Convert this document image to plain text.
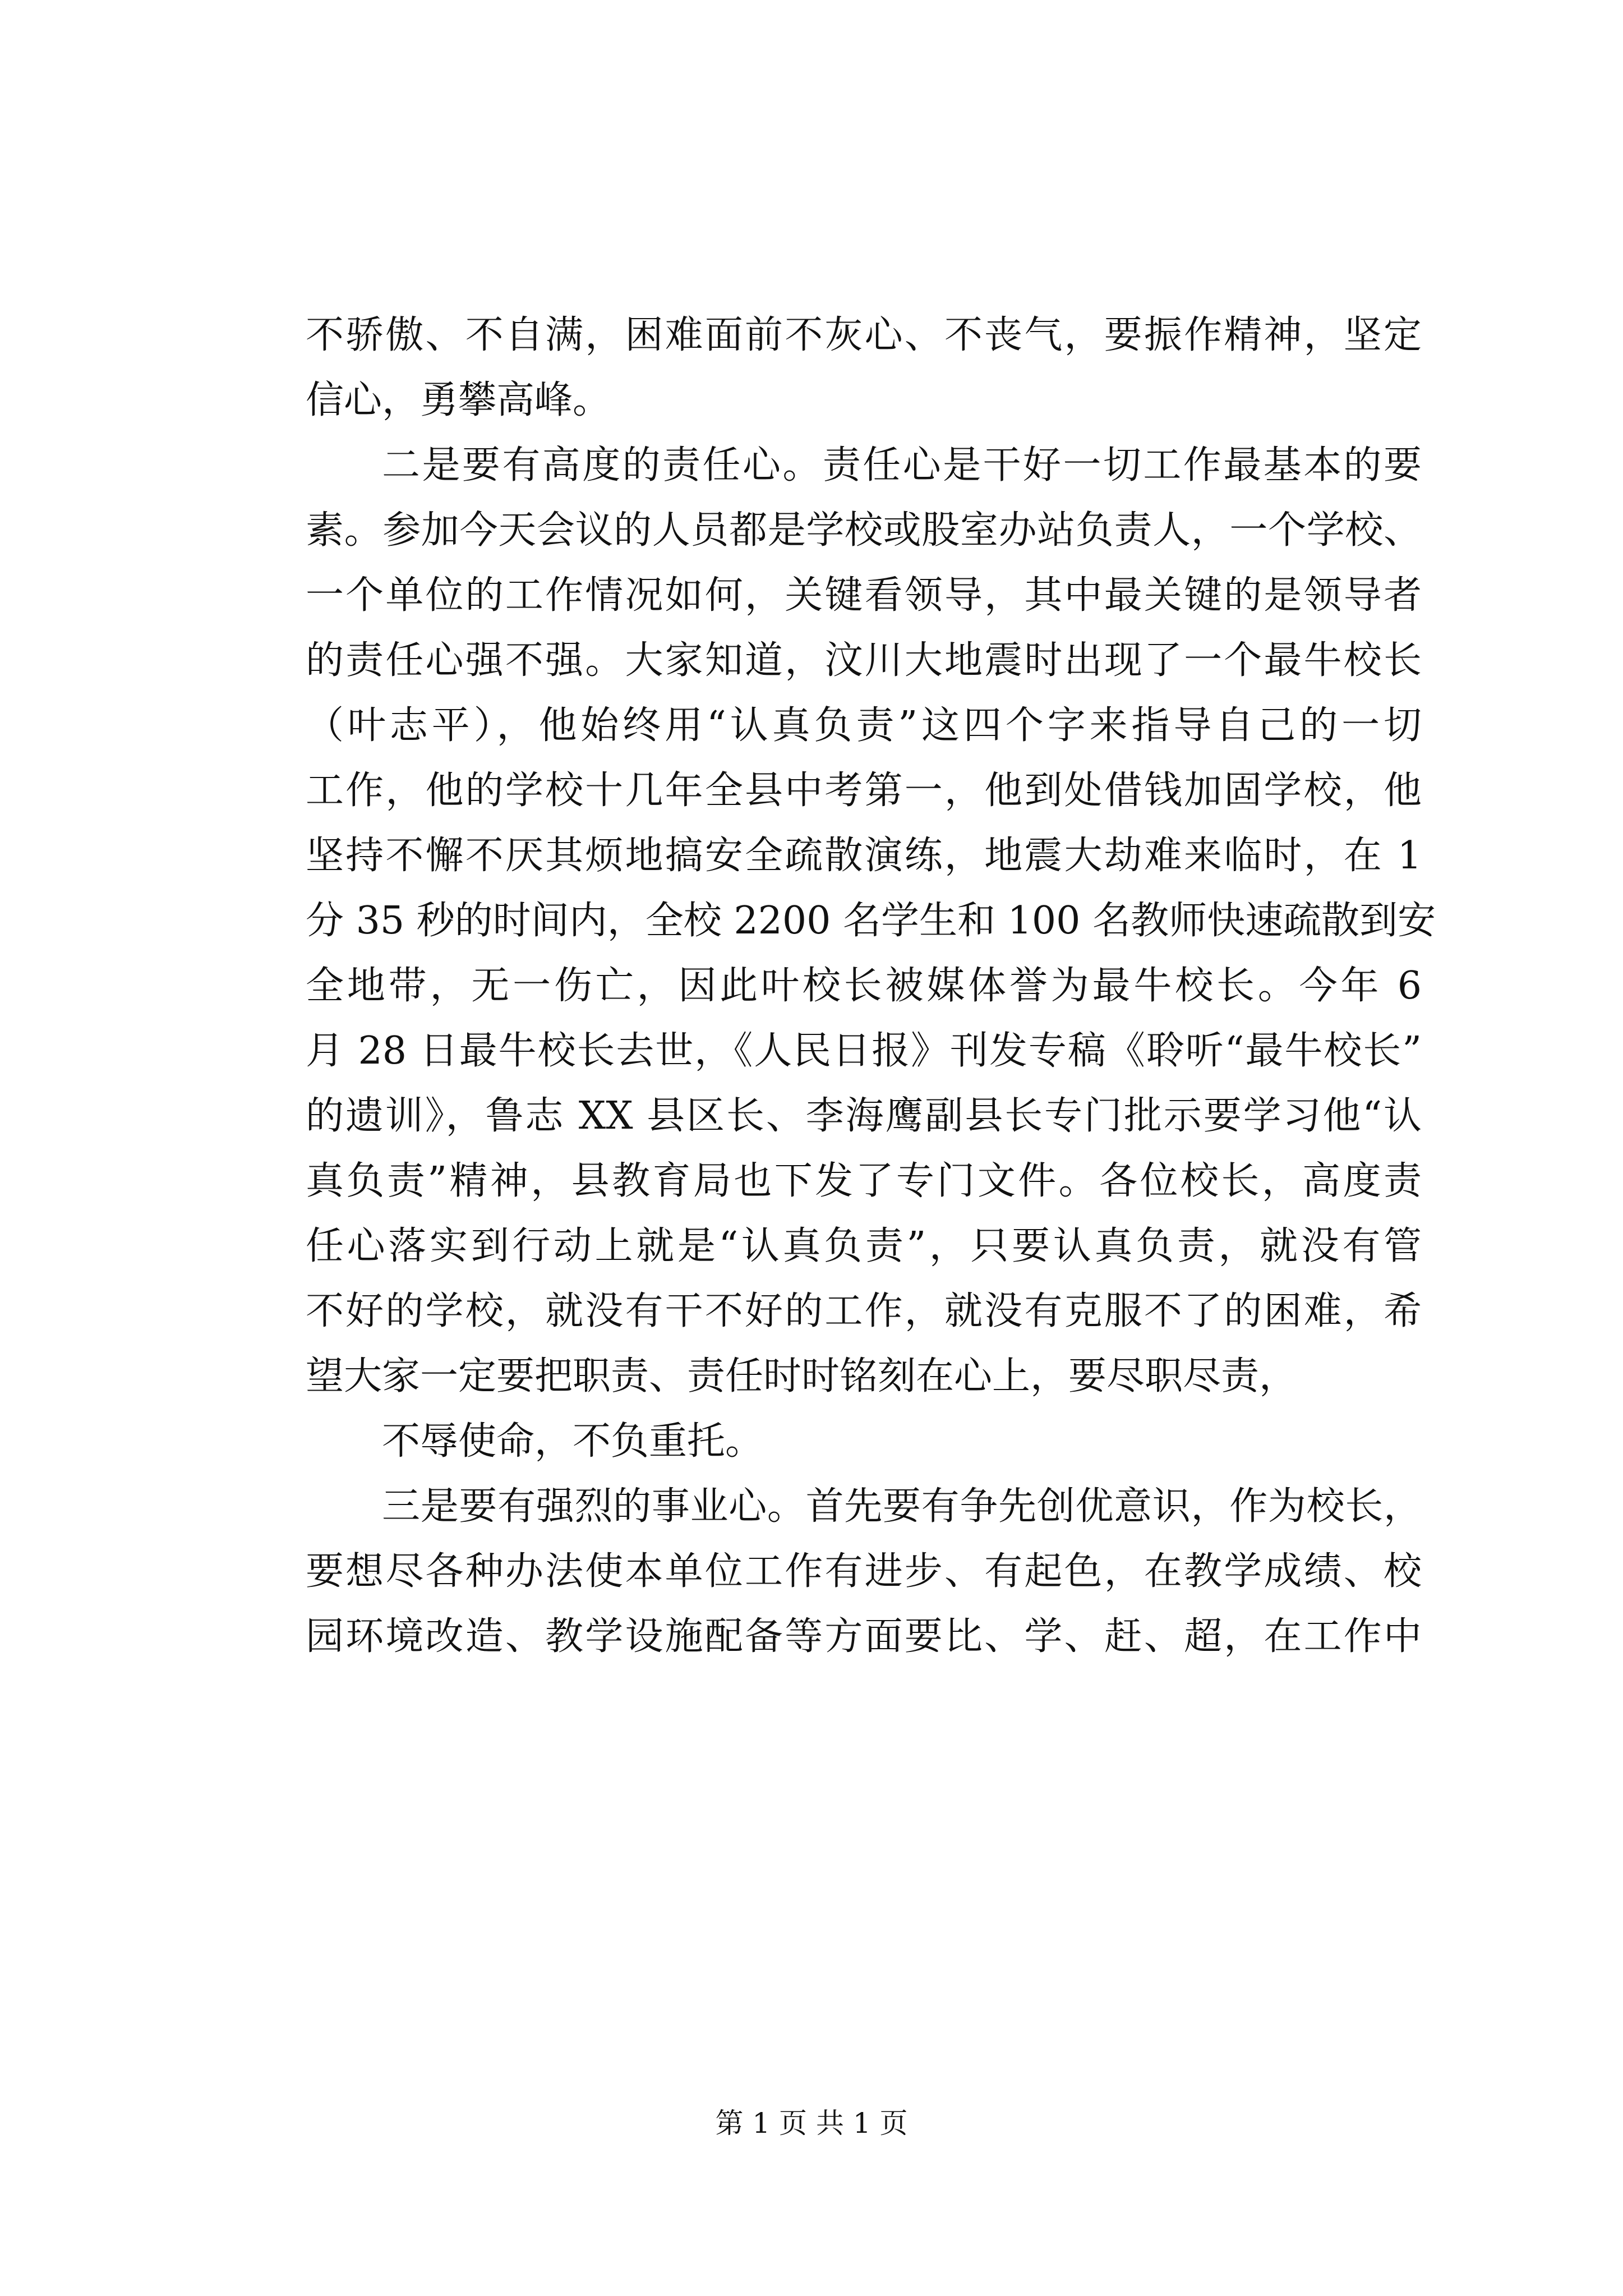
不骄傲、不自满，困难面前不灰心、不丧气，要振作精神，坚定
信心，勇攀高峰。
二是要有高度的责任心。责任心是干好一切工作最基本的要
素。参加今天会议的人员都是学校或股室办站负责人，一个学校、
一个单位的工作情况如何，关键看领导，其中最关键的是领导者
的责任心强不强。大家知道，汶川大地震时出现了一个最牛校长
（叶志平），他始终用“认真负责”这四个字来指导自己的一切
工作，他的学校十几年全县中考第一，他到处借钱加固学校，他
坚持不懈不厌其烦地搞安全疏散演练，地震大劫难来临时，在 1
分 35 秒的时间内，全校 2200 名学生和 100 名教师快速疏散到安
全地带，无一伤亡，因此叶校长被媒体誉为最牛校长。今年 6
月 28 日最牛校长去世，《人民日报》刊发专稿《聆听“最牛校长”
的遗训》，鲁志 XX 县区长、李海鹰副县长专门批示要学习他“认
真负责”精神，县教育局也下发了专门文件。各位校长，高度责
任心落实到行动上就是“认真负责”，只要认真负责，就没有管
不好的学校，就没有干不好的工作，就没有克服不了的困难，希
望大家一定要把职责、责任时时铭刻在心上，要尽职尽责，
不辱使命，不负重托。
三是要有强烈的事业心。首先要有争先创优意识，作为校长，
要想尽各种办法使本单位工作有进步、有起色，在教学成绩、校
园环境改造、教学设施配备等方面要比、学、赶、超，在工作中
第 1 页 共 1 页
